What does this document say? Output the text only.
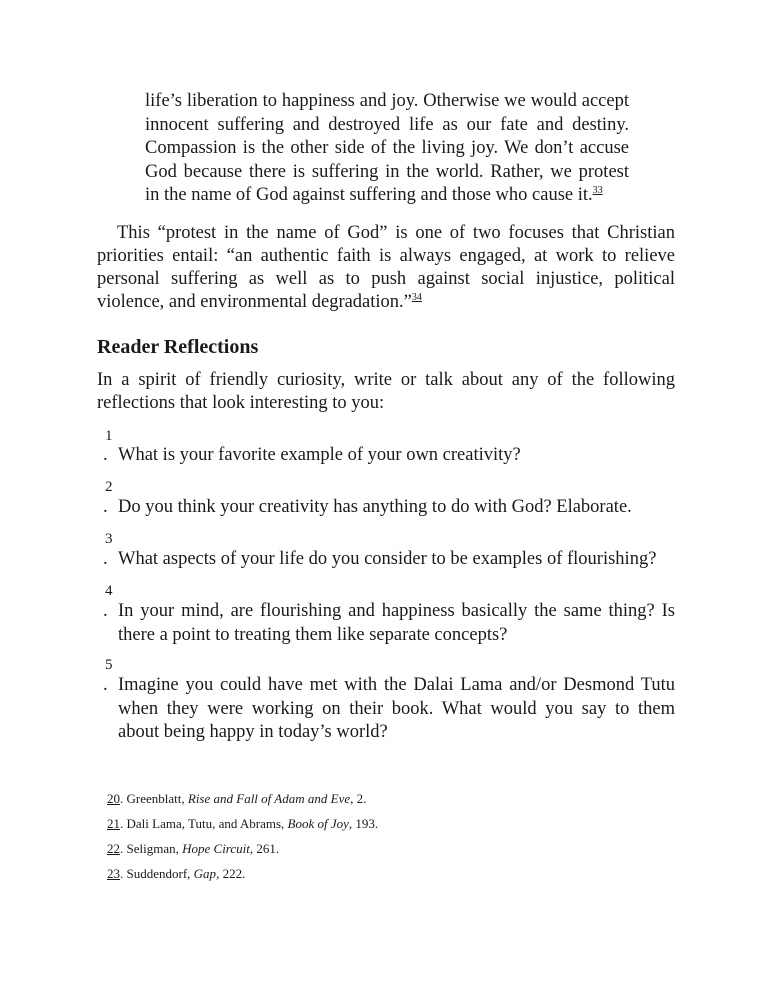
life’s liberation to happiness and joy. Otherwise we would accept
innocent suffering and destroyed life as our fate and destiny.
Compassion is the other side of the living joy. We don’t accuse
God because there is suffering in the world. Rather, we protest
in the name of God against suffering and those who cause it.$^{33}$
This “protest in the name of God” is one of two focuses that Christian
priorities entail: “an authentic faith is always engaged, at work to relieve
personal suffering as well as to push against social injustice, political
violence, and environmental degradation.”$^{34}$
Reader Reflections
In a spirit of friendly curiosity, write or talk about any of the following
reflections that look interesting to you:
1
. What is your favorite example of your own creativity?
2
. Do you think your creativity has anything to do with God? Elaborate.
3
. What aspects of your life do you consider to be examples of flourishing?
4
. In your mind, are flourishing and happiness basically the same thing? Is
there a point to treating them like separate concepts?
5
. Imagine you could have met with the Dalai Lama and/or Desmond Tutu
when they were working on their book. What would you say to them
about being happy in today’s world?
20. Greenblatt, Rise and Fall of Adam and Eve, 2.
21. Dali Lama, Tutu, and Abrams, Book of Joy, 193.
22. Seligman, Hope Circuit, 261.
23. Suddendorf, Gap, 222.
